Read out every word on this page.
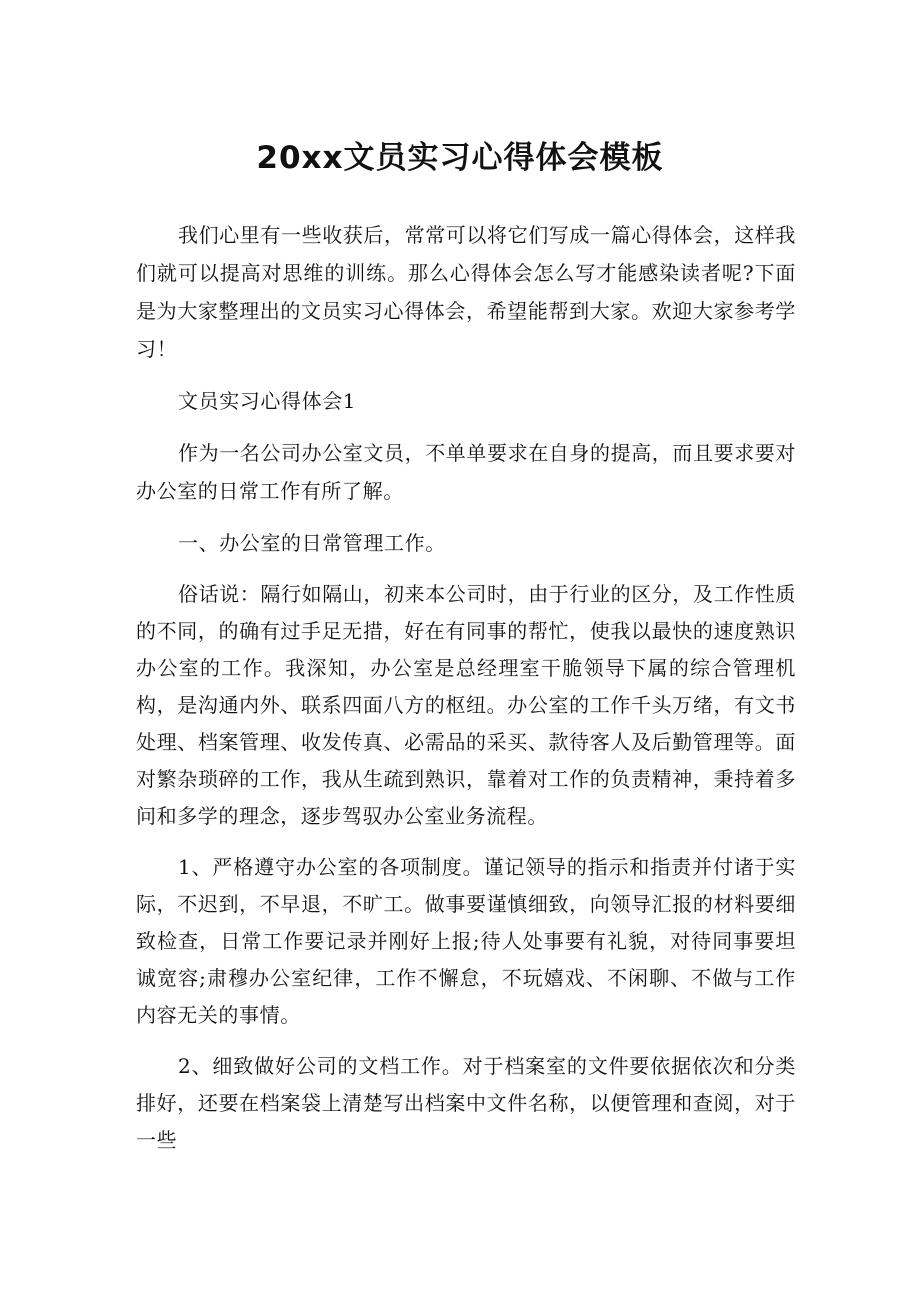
20xx文员实习心得体会模板

我们心里有一些收获后，常常可以将它们写成一篇心得体会，这样我们就可以提高对思维的训练。那么心得体会怎么写才能感染读者呢?下面是为大家整理出的文员实习心得体会，希望能帮到大家。欢迎大家参考学习！

文员实习心得体会1

作为一名公司办公室文员，不单单要求在自身的提高，而且要求要对办公室的日常工作有所了解。

一、办公室的日常管理工作。

俗话说：隔行如隔山，初来本公司时，由于行业的区分，及工作性质的不同，的确有过手足无措，好在有同事的帮忙，使我以最快的速度熟识办公室的工作。我深知，办公室是总经理室干脆领导下属的综合管理机构，是沟通内外、联系四面八方的枢纽。办公室的工作千头万绪，有文书处理、档案管理、收发传真、必需品的采买、款待客人及后勤管理等。面对繁杂琐碎的工作，我从生疏到熟识，靠着对工作的负责精神，秉持着多问和多学的理念，逐步驾驭办公室业务流程。

1、严格遵守办公室的各项制度。谨记领导的指示和指责并付诸于实际，不迟到，不早退，不旷工。做事要谨慎细致，向领导汇报的材料要细致检查，日常工作要记录并刚好上报;待人处事要有礼貌，对待同事要坦诚宽容;肃穆办公室纪律，工作不懈怠，不玩嬉戏、不闲聊、不做与工作内容无关的事情。

2、细致做好公司的文档工作。对于档案室的文件要依据依次和分类排好，还要在档案袋上清楚写出档案中文件名称，以便管理和查阅，对于一些
